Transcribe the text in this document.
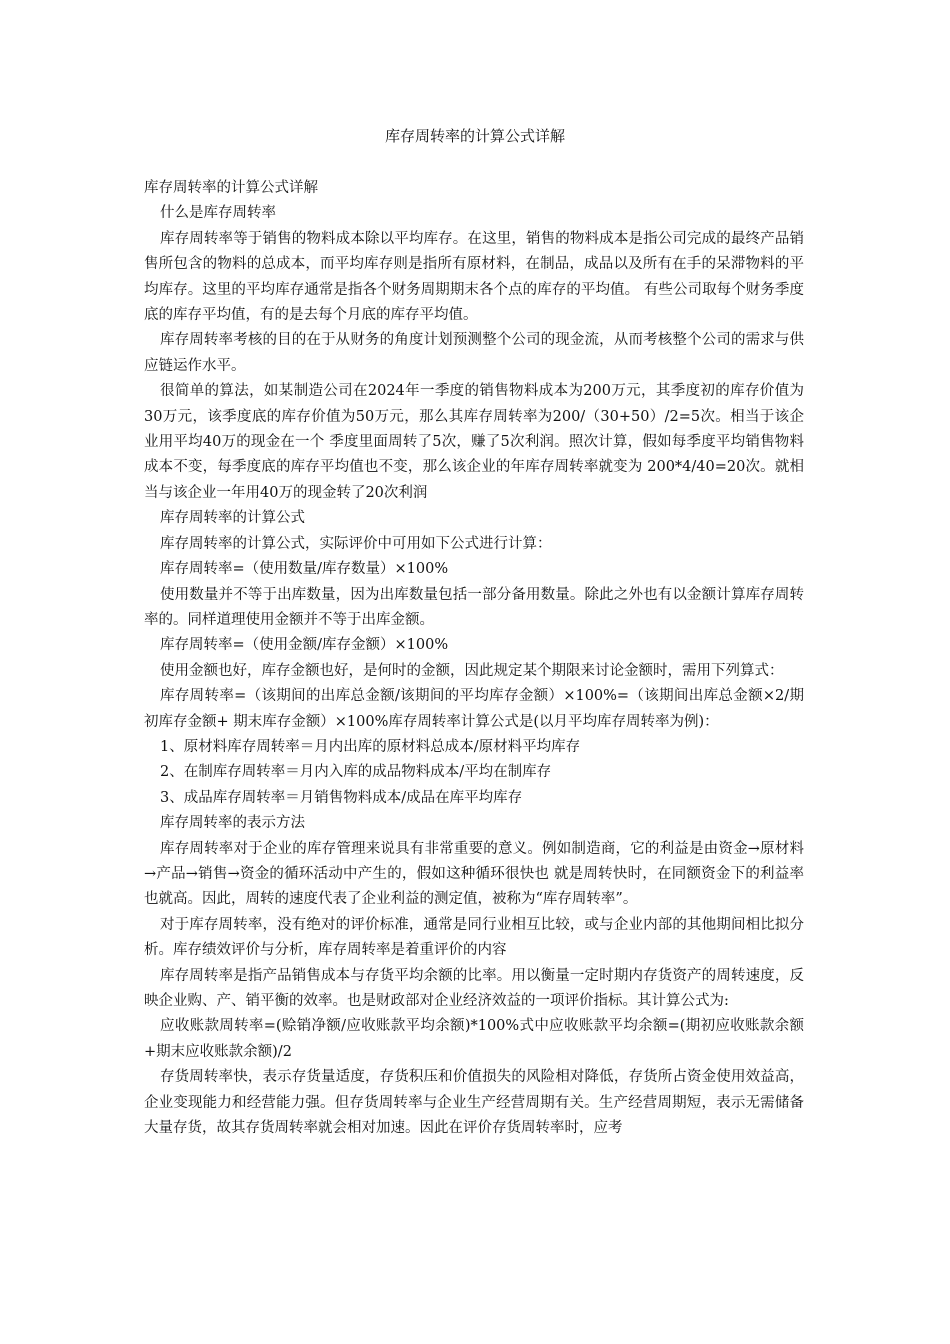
库存周转率的计算公式详解

库存周转率的计算公式详解

什么是库存周转率

库存周转率等于销售的物料成本除以平均库存。在这里，销售的物料成本是指公司完成的最终产品销售所包含的物料的总成本，而平均库存则是指所有原材料，在制品，成品以及所有在手的呆滞物料的平均库存。这里的平均库存通常是指各个财务周期期末各个点的库存的平均值。 有些公司取每个财务季度底的库存平均值，有的是去每个月底的库存平均值。

库存周转率考核的目的在于从财务的角度计划预测整个公司的现金流，从而考核整个公司的需求与供应链运作水平。

很简单的算法，如某制造公司在2024年一季度的销售物料成本为200万元，其季度初的库存价值为30万元，该季度底的库存价值为50万元，那么其库存周转率为200/（30+50）/2=5次。相当于该企业用平均40万的现金在一个 季度里面周转了5次，赚了5次利润。照次计算，假如每季度平均销售物料成本不变，每季度底的库存平均值也不变，那么该企业的年库存周转率就变为 200*4/40=20次。就相当与该企业一年用40万的现金转了20次利润

库存周转率的计算公式

库存周转率的计算公式，实际评价中可用如下公式进行计算：

库存周转率=（使用数量/库存数量）×100%

使用数量并不等于出库数量，因为出库数量包括一部分备用数量。除此之外也有以金额计算库存周转率的。同样道理使用金额并不等于出库金额。

库存周转率=（使用金额/库存金额）×100%

使用金额也好，库存金额也好，是何时的金额，因此规定某个期限来讨论金额时，需用下列算式：

库存周转率=（该期间的出库总金额/该期间的平均库存金额）×100%=（该期间出库总金额×2/期初库存金额+ 期末库存金额）×100%库存周转率计算公式是(以月平均库存周转率为例)：

1、原材料库存周转率＝月内出库的原材料总成本/原材料平均库存

2、在制库存周转率＝月内入库的成品物料成本/平均在制库存

3、成品库存周转率＝月销售物料成本/成品在库平均库存

库存周转率的表示方法

库存周转率对于企业的库存管理来说具有非常重要的意义。例如制造商，它的利益是由资金→原材料→产品→销售→资金的循环活动中产生的，假如这种循环很快也 就是周转快时，在同额资金下的利益率也就高。因此，周转的速度代表了企业利益的测定值，被称为“库存周转率”。

对于库存周转率，没有绝对的评价标准，通常是同行业相互比较，或与企业内部的其他期间相比拟分析。库存绩效评价与分析，库存周转率是着重评价的内容

库存周转率是指产品销售成本与存货平均余额的比率。用以衡量一定时期内存货资产的周转速度，反映企业购、产、销平衡的效率。也是财政部对企业经济效益的一项评价指标。其计算公式为:

应收账款周转率=(赊销净额/应收账款平均余额)*100%式中应收账款平均余额=(期初应收账款余额+期末应收账款余额)/2

存货周转率快，表示存货量适度，存货积压和价值损失的风险相对降低，存货所占资金使用效益高，企业变现能力和经营能力强。但存货周转率与企业生产经营周期有关。生产经营周期短，表示无需储备大量存货，故其存货周转率就会相对加速。因此在评价存货周转率时，应考
